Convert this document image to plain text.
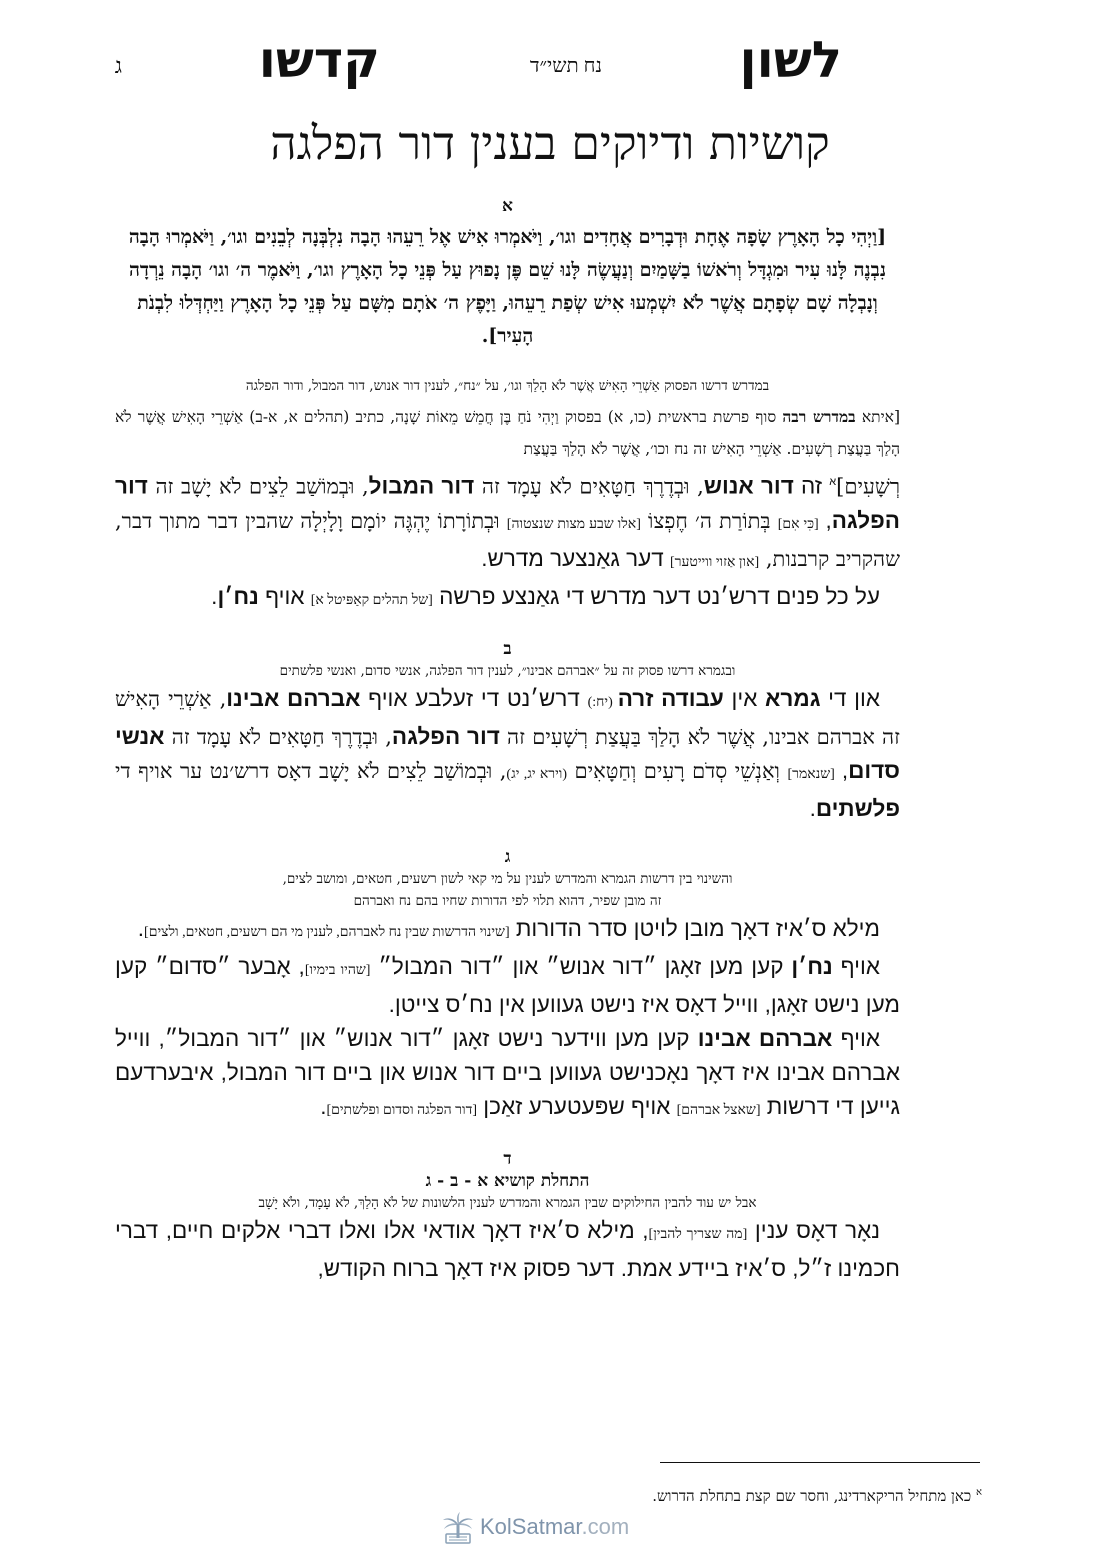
לשון
נח תשי״ד
קדשו
ג
קושיות ודיוקים בענין דור הפלגה

א

[וַיְהִי כָל הָאָרֶץ שָׂפָה אֶחָת וּדְבָרִים אֲחָדִים וגו׳, וַיֹּאמְרוּ אִישׁ אֶל רֵעֵהוּ הָבָה נִלְבְּנָה לְבֵנִים וגו׳, וַיֹּאמְרוּ הָבָה נִבְנֶה לָּנוּ עִיר וּמִגְדָּל וְרֹאשׁוֹ בַשָּׁמַיִם וְנַעֲשֶׂה לָּנוּ שֵׁם פֶּן נָפוּץ עַל פְּנֵי כָל הָאָרֶץ וגו׳, וַיֹּאמֶר ה׳ וגו׳ הָבָה נֵרְדָה וְנָבְלָה שָׁם שְׂפָתָם אֲשֶׁר לֹא יִשְׁמְעוּ אִישׁ שְׂפַת רֵעֵהוּ, וַיָּפֶץ ה׳ אֹתָם מִשָּׁם עַל פְּנֵי כָל הָאָרֶץ וַיַּחְדְּלוּ לִבְנֹת הָעִיר].

במדרש דרשו הפסוק אַשְׁרֵי הָאִישׁ אֲשֶׁר לֹא הָלַךְ וגו׳, על ״נח״, לענין דור אנוש, דור המבול, ודור הפלגה

[איתא במדרש רבה סוף פרשת בראשית (כו, א) בפסוק וַיְהִי נֹחַ בֶּן חֲמֵשׁ מֵאוֹת שָׁנָה, כתיב (תהלים א, א-ב) אַשְׁרֵי הָאִישׁ אֲשֶׁר לֹא הָלַךְ בַּעֲצַת רְשָׁעִים. אַשְׁרֵי הָאִישׁ זה נח וכו׳, אֲשֶׁר לֹא הָלַךְ בַּעֲצַת

רְשָׁעִים]$^א$ זה דור אנוש, וּבְדֶרֶךְ חַטָּאִים לֹא עָמָד זה דור המבול, וּבְמוֹשַׁב לֵצִים לֹא יָשָׁב זה דור הפלגה, [כִּי אִם] בְּתוֹרַת ה׳ חֶפְצוֹ [אלו שבע מצות שנצטוה] וּבְתוֹרָתוֹ יֶהְגֶּה יוֹמָם וָלָיְלָה שהבין דבר מתוך דבר, שהקריב קרבנות, [און אַזוי ווייטער] דער גאַנצער מדרש.

על כל פנים דרש׳נט דער מדרש די גאַנצע פרשה [של תהלים קאַפּיטל א] אויף נח׳ן.

ב

ובגמרא דרשו פסוק זה על ״אברהם אבינו״, לענין דור הפלגה, אנשי סדום, ואנשי פלשתים

און די גמרא אין עבודה זרה (יח:) דרש׳נט די זעלבע אויף אברהם אבינו, אַשְׁרֵי הָאִישׁ זה אברהם אבינו, אֲשֶׁר לֹא הָלַךְ בַּעֲצַת רְשָׁעִים זה דור הפלגה, וּבְדֶרֶךְ חַטָּאִים לֹא עָמָד זה אנשי סדום, [שנאמר] וְאַנְשֵׁי סְדֹם רָעִים וְחַטָּאִים (וירא יג, יג), וּבְמוֹשַׁב לֵצִים לֹא יָשָׁב דאָס דרש׳נט ער אויף די פלשתים.

ג

והשינוי בין דרשות הגמרא והמדרש לענין על מי קאי לשון רשעים, חטאים, ומושב לצים,

זה מובן שפיר, דהוא תלוי לפי הדורות שחיו בהם נח ואברהם

מילא ס׳איז דאָך מובן לויטן סדר הדורות [שינוי הדרשות שבין נח לאברהם, לענין מי הם רשעים, חטאים, ולצים].

אויף נח׳ן קען מען זאָגן ״דור אנוש״ און ״דור המבול״ [שהיו בימיו], אָבער ״סדום״ קען מען נישט זאָגן, ווייל דאָס איז נישט געווען אין נח׳ס צייטן.

אויף אברהם אבינו קען מען ווידער נישט זאָגן ״דור אנוש״ און ״דור המבול״, ווייל אברהם אבינו איז דאָך נאָכנישט געווען ביים דור אנוש און ביים דור המבול, איבערדעם גייען די דרשות [שאצל אברהם] אויף שפּעטערע זאַכן [דור הפלגה וסדום ופלשתים].

ד

התחלת קושיא א - ב - ג

אבל יש עוד להבין החילוקים שבין הגמרא והמדרש לענין הלשונות של לֹא הָלַךְ, לֹא עָמָד, ולֹא יָשָׁב

נאָר דאָס ענין [מה שצריך להבין], מילא ס׳איז דאָך אודאי אלו ואלו דברי אלקים חיים, דברי חכמינו ז״ל, ס׳איז ביידע אמת. דער פסוק איז דאָך ברוח הקודש,

$^א$ כאן מתחיל הריקארדינג, וחסר שם קצת בתחלת הדרוש.
KolSatmar.com
